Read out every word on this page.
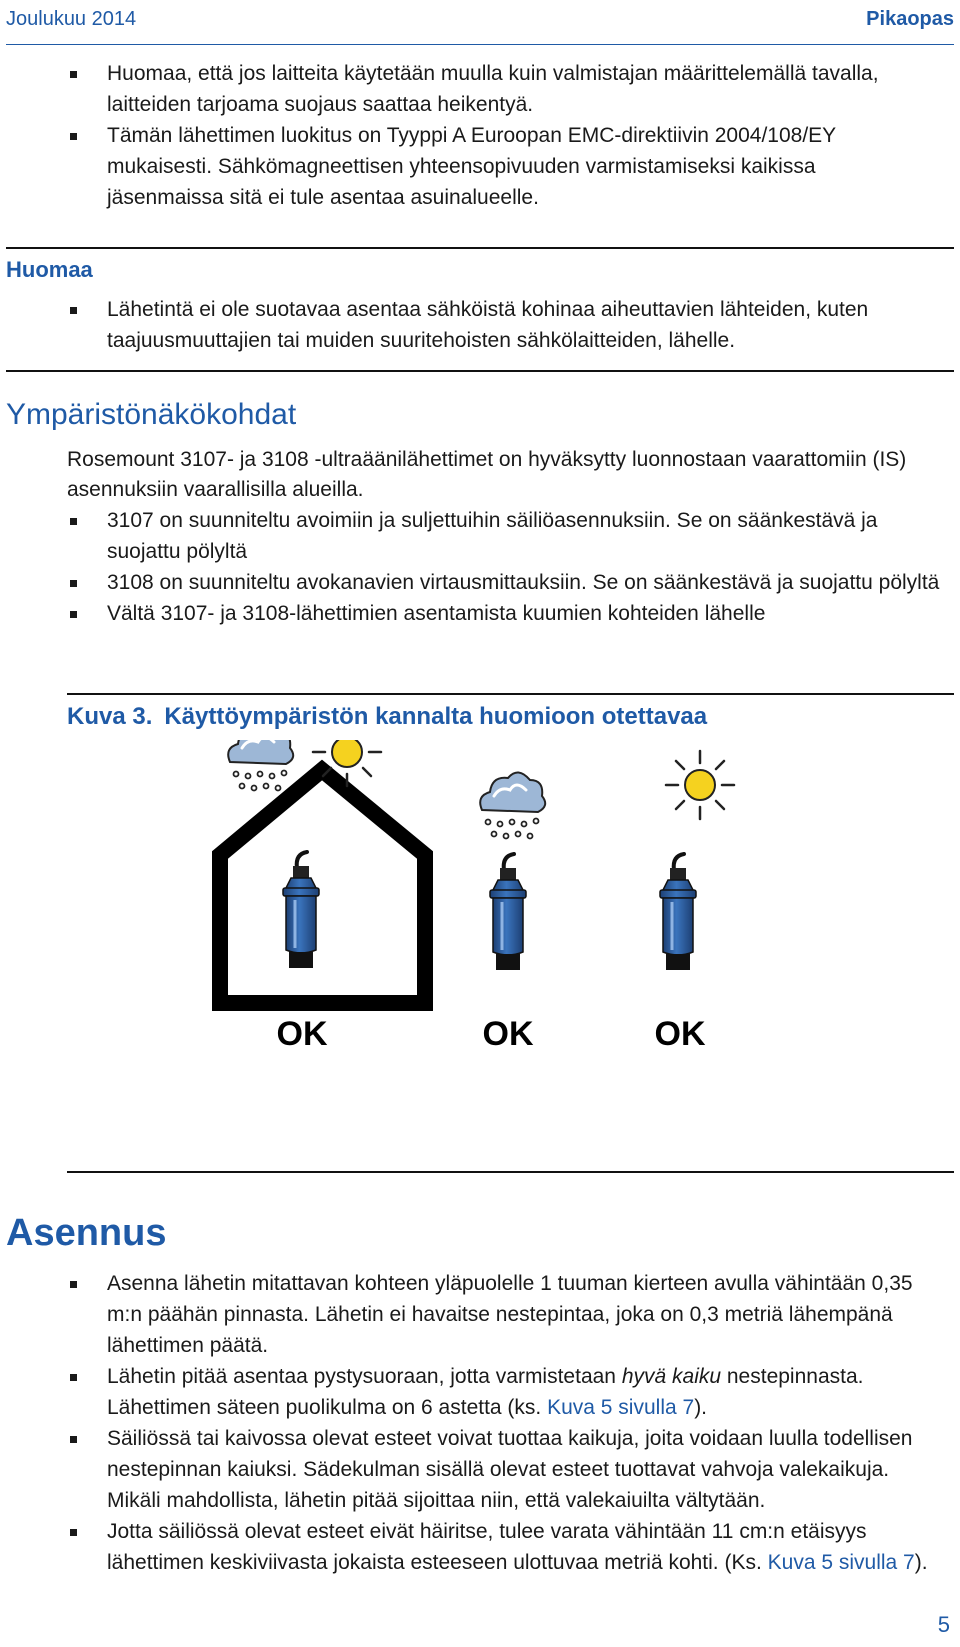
Joulukuu 2014	Pikaopas
Huomaa, että jos laitteita käytetään muulla kuin valmistajan määrittelemällä tavalla, laitteiden tarjoama suojaus saattaa heikentyä.
Tämän lähettimen luokitus on Tyyppi A Euroopan EMC-direktiivin 2004/108/EY mukaisesti. Sähkömagneettisen yhteensopivuuden varmistamiseksi kaikissa jäsenmaissa sitä ei tule asentaa asuinalueelle.
Huomaa
Lähetintä ei ole suotavaa asentaa sähköistä kohinaa aiheuttavien lähteiden, kuten taajuusmuuttajien tai muiden suuritehoisten sähkölaitteiden, lähelle.
Ympäristönäkökohdat
Rosemount 3107- ja 3108 -ultraäänilähettimet on hyväksytty luonnostaan vaarattomiin (IS) asennuksiin vaarallisilla alueilla.
3107 on suunniteltu avoimiin ja suljettuihin säiliöasennuksiin. Se on säänkestävä ja suojattu pölyltä
3108 on suunniteltu avokanavien virtausmittauksiin. Se on säänkestävä ja suojattu pölyltä
Vältä 3107- ja 3108-lähettimien asentamista kuumien kohteiden lähelle
Kuva 3. Käyttöympäristön kannalta huomioon otettavaa
OK	OK	OK
Asennus
Asenna lähetin mitattavan kohteen yläpuolelle 1 tuuman kierteen avulla vähintään 0,35 m:n päähän pinnasta. Lähetin ei havaitse nestepintaa, joka on 0,3 metriä lähempänä lähettimen päätä.
Lähetin pitää asentaa pystysuoraan, jotta varmistetaan hyvä kaiku nestepinnasta. Lähettimen säteen puolikulma on 6 astetta (ks. Kuva 5 sivulla 7).
Säiliössä tai kaivossa olevat esteet voivat tuottaa kaikuja, joita voidaan luulla todellisen nestepinnan kaiuksi. Sädekulman sisällä olevat esteet tuottavat vahvoja valekaikuja. Mikäli mahdollista, lähetin pitää sijoittaa niin, että valekaiuilta vältytään.
Jotta säiliössä olevat esteet eivät häiritse, tulee varata vähintään 11 cm:n etäisyys lähettimen keskiviivasta jokaista esteeseen ulottuvaa metriä kohti. (Ks. Kuva 5 sivulla 7).
5
